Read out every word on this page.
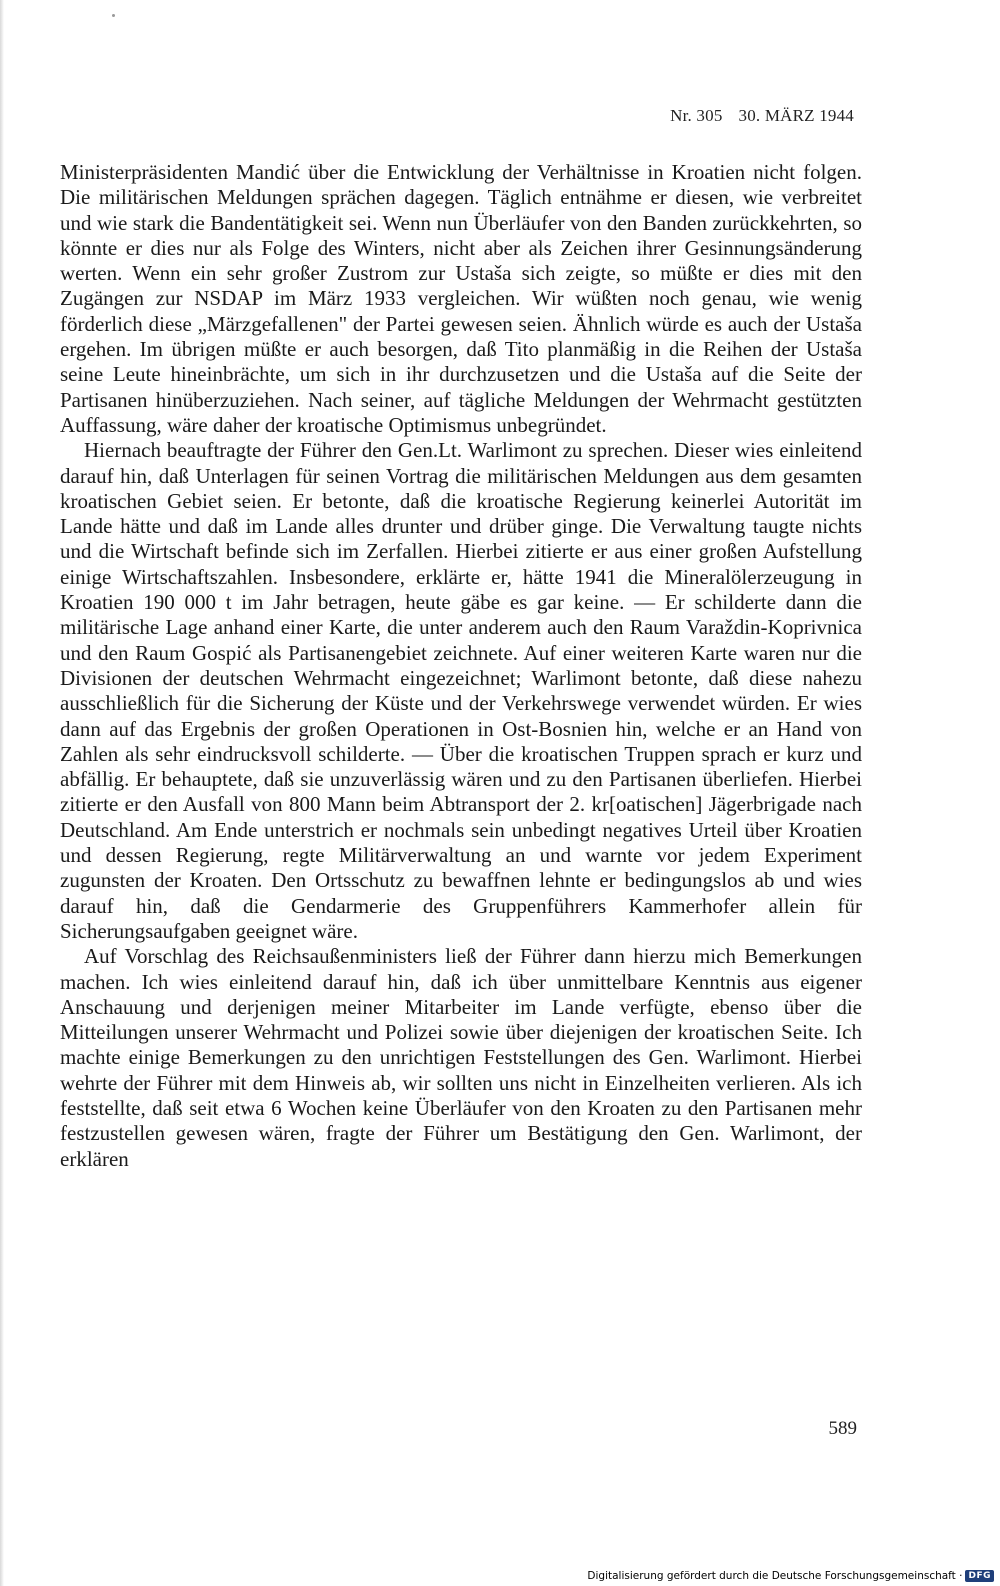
Nr. 305 30. MÄRZ 1944

Ministerpräsidenten Mandić über die Entwicklung der Verhältnisse in Kroatien nicht folgen. Die militärischen Meldungen sprächen dagegen. Täglich entnähme er diesen, wie verbreitet und wie stark die Bandentätigkeit sei. Wenn nun Überläufer von den Banden zurückkehrten, so könnte er dies nur als Folge des Winters, nicht aber als Zeichen ihrer Gesinnungsänderung werten. Wenn ein sehr großer Zustrom zur Ustaša sich zeigte, so müßte er dies mit den Zugängen zur NSDAP im März 1933 vergleichen. Wir wüßten noch genau, wie wenig förderlich diese „Märzgefallenen" der Partei gewesen seien. Ähnlich würde es auch der Ustaša ergehen. Im übrigen müßte er auch besorgen, daß Tito planmäßig in die Reihen der Ustaša seine Leute hineinbrächte, um sich in ihr durchzusetzen und die Ustaša auf die Seite der Partisanen hinüberzuziehen. Nach seiner, auf tägliche Meldungen der Wehrmacht gestützten Auffassung, wäre daher der kroatische Optimismus unbegründet.

Hiernach beauftragte der Führer den Gen.Lt. Warlimont zu sprechen. Dieser wies einleitend darauf hin, daß Unterlagen für seinen Vortrag die militärischen Meldungen aus dem gesamten kroatischen Gebiet seien. Er betonte, daß die kroatische Regierung keinerlei Autorität im Lande hätte und daß im Lande alles drunter und drüber ginge. Die Verwaltung taugte nichts und die Wirtschaft befinde sich im Zerfallen. Hierbei zitierte er aus einer großen Aufstellung einige Wirtschaftszahlen. Insbesondere, erklärte er, hätte 1941 die Mineralölerzeugung in Kroatien 190 000 t im Jahr betragen, heute gäbe es gar keine. — Er schilderte dann die militärische Lage anhand einer Karte, die unter anderem auch den Raum Varaždin-Koprivnica und den Raum Gospić als Partisanengebiet zeichnete. Auf einer weiteren Karte waren nur die Divisionen der deutschen Wehrmacht eingezeichnet; Warlimont betonte, daß diese nahezu ausschließlich für die Sicherung der Küste und der Verkehrswege verwendet würden. Er wies dann auf das Ergebnis der großen Operationen in Ost-Bosnien hin, welche er an Hand von Zahlen als sehr eindrucksvoll schilderte. — Über die kroatischen Truppen sprach er kurz und abfällig. Er behauptete, daß sie unzuverlässig wären und zu den Partisanen überliefen. Hierbei zitierte er den Ausfall von 800 Mann beim Abtransport der 2. kr[oatischen] Jägerbrigade nach Deutschland. Am Ende unterstrich er nochmals sein unbedingt negatives Urteil über Kroatien und dessen Regierung, regte Militärverwaltung an und warnte vor jedem Experiment zugunsten der Kroaten. Den Ortsschutz zu bewaffnen lehnte er bedingungslos ab und wies darauf hin, daß die Gendarmerie des Gruppenführers Kammerhofer allein für Sicherungsaufgaben geeignet wäre.

Auf Vorschlag des Reichsaußenministers ließ der Führer dann hierzu mich Bemerkungen machen. Ich wies einleitend darauf hin, daß ich über unmittelbare Kenntnis aus eigener Anschauung und derjenigen meiner Mitarbeiter im Lande verfügte, ebenso über die Mitteilungen unserer Wehrmacht und Polizei sowie über diejenigen der kroatischen Seite. Ich machte einige Bemerkungen zu den unrichtigen Feststellungen des Gen. Warlimont. Hierbei wehrte der Führer mit dem Hinweis ab, wir sollten uns nicht in Einzelheiten verlieren. Als ich feststellte, daß seit etwa 6 Wochen keine Überläufer von den Kroaten zu den Partisanen mehr festzustellen gewesen wären, fragte der Führer um Bestätigung den Gen. Warlimont, der erklären

589
Digitalisierung gefördert durch die Deutsche Forschungsgemeinschaft · DFG
